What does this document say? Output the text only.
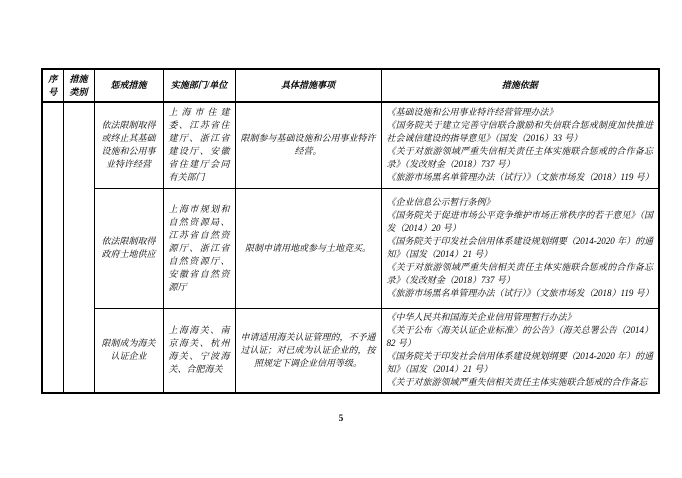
序号	措施类别	惩戒措施	实施部门/单位	具体措施事项	措施依据
		依法限制取得或终止其基础设施和公用事业特许经营	上海市住建委、江苏省住建厅、浙江省建设厅、安徽省住建厅会同有关部门	限制参与基础设施和公用事业特许经营。	《基础设施和公用事业特许经营管理办法》
《国务院关于建立完善守信联合激励和失信联合惩戒制度加快推进社会诚信建设的指导意见》（国发（2016）33 号）
《关于对旅游领域严重失信相关责任主体实施联合惩戒的合作备忘录》（发改财金（2018）737 号）
《旅游市场黑名单管理办法（试行）》（文旅市场发（2018）119 号）

		依法限制取得政府土地供应	上海市规划和自然资源局、江苏省自然资源厅、浙江省自然资源厅、安徽省自然资源厅	限制申请用地或参与土地竞买。	《企业信息公示暂行条例》
《国务院关于促进市场公平竞争维护市场正常秩序的若干意见》（国发（2014）20 号）
《国务院关于印发社会信用体系建设规划纲要（2014-2020 年）的通知》（国发（2014）21 号）
《关于对旅游领域严重失信相关责任主体实施联合惩戒的合作备忘录》（发改财金（2018）737 号）
《旅游市场黑名单管理办法（试行）》（文旅市场发（2018）119 号）

		限制成为海关认证企业	上海海关、南京海关、杭州海关、宁波海关、合肥海关	申请适用海关认证管理的，不予通过认证；对已成为认证企业的，按照规定下调企业信用等级。	《中华人民共和国海关企业信用管理暂行办法》
《关于公布〈海关认证企业标准〉的公告》（海关总署公告（2014）82 号）
《国务院关于印发社会信用体系建设规划纲要（2014-2020 年）的通知》（国发（2014）21 号）
《关于对旅游领域严重失信相关责任主体实施联合惩戒的合作备忘
5
